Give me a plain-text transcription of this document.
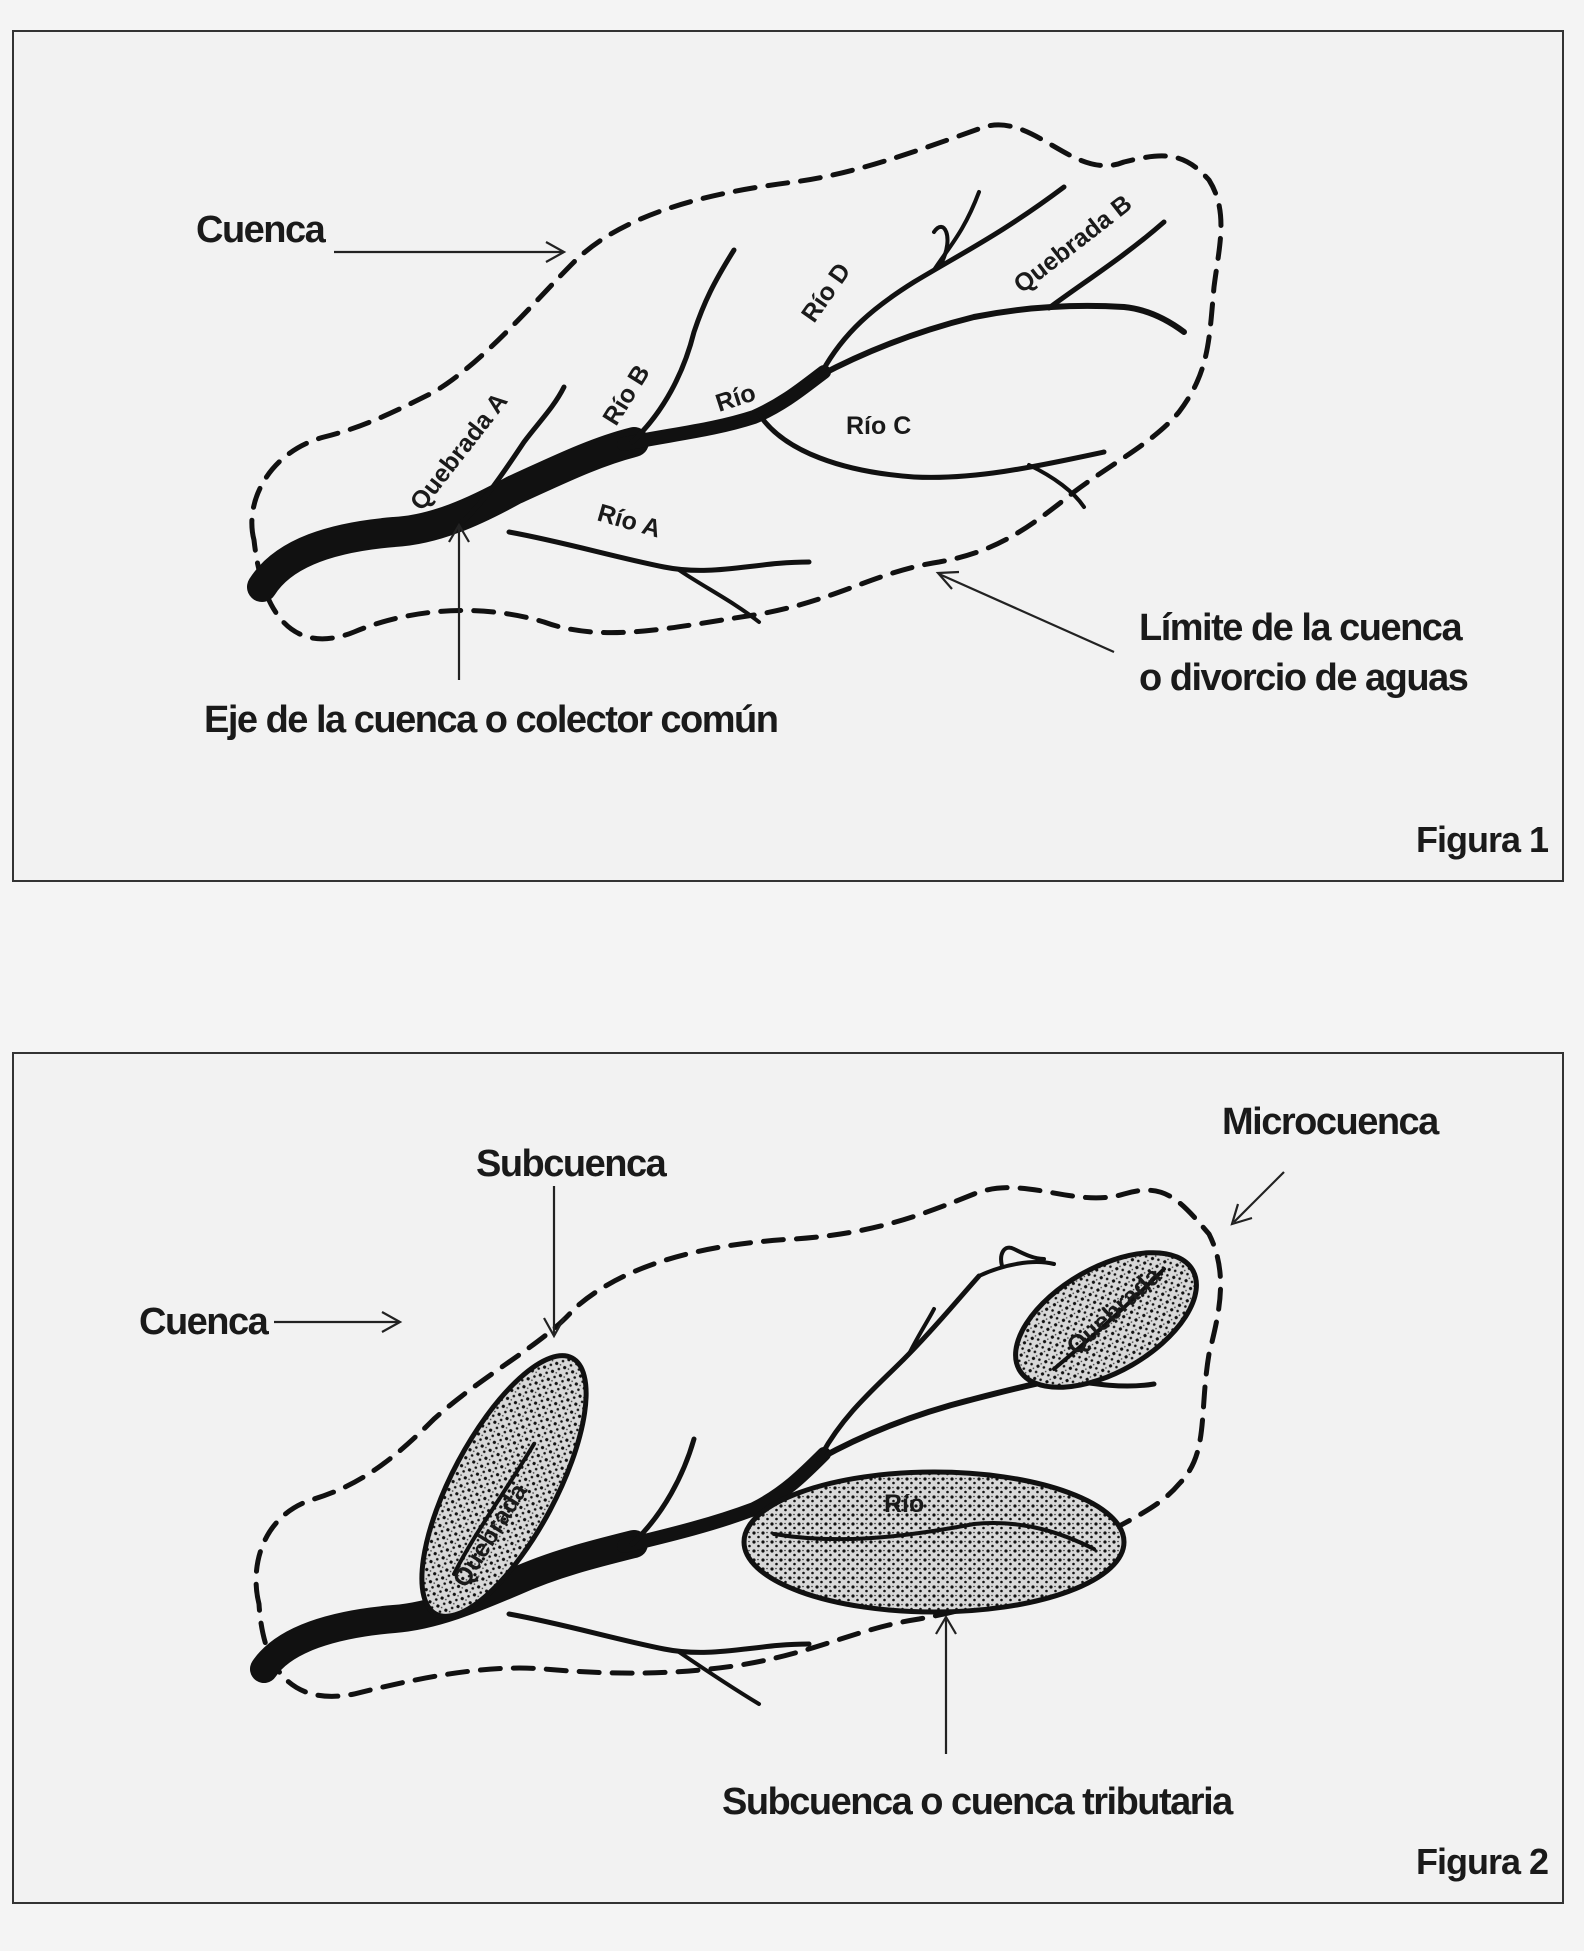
Quebrada A	Río B Río
Río D	Quebrada B
Río C
Río A
Cuenca
Eje de la cuenca o colector común
Límite de la cuenca
o divorcio de aguas
Figura 1
Quebrada	Río
Quebrada
Cuenca
Subcuenca
Microcuenca
Subcuenca o cuenca tributaria
Figura 2
